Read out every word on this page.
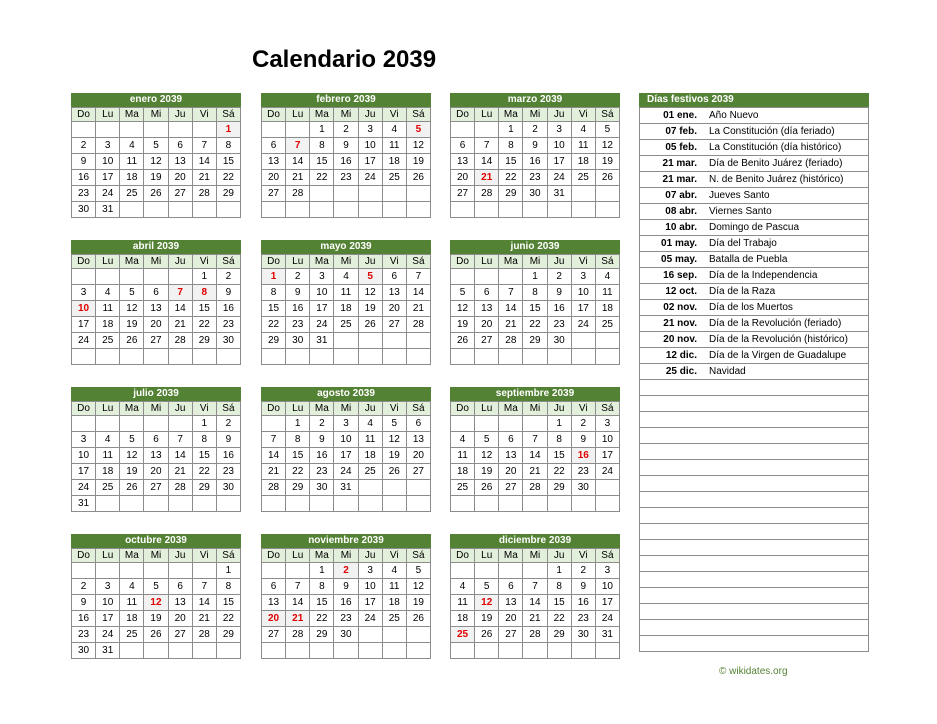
Calendario 2039
enero 2039
Do	Lu	Ma	Mi	Ju	Vi	Sá
						1
2	3	4	5	6	7	8
9	10	11	12	13	14	15
16	17	18	19	20	21	22
23	24	25	26	27	28	29
30	31					
febrero 2039
Do	Lu	Ma	Mi	Ju	Vi	Sá
		1	2	3	4	5
6	7	8	9	10	11	12
13	14	15	16	17	18	19
20	21	22	23	24	25	26
27	28					

marzo 2039
Do	Lu	Ma	Mi	Ju	Vi	Sá
		1	2	3	4	5
6	7	8	9	10	11	12
13	14	15	16	17	18	19
20	21	22	23	24	25	26
27	28	29	30	31		

abril 2039
Do	Lu	Ma	Mi	Ju	Vi	Sá
					1	2
3	4	5	6	7	8	9
10	11	12	13	14	15	16
17	18	19	20	21	22	23
24	25	26	27	28	29	30

mayo 2039
Do	Lu	Ma	Mi	Ju	Vi	Sá
1	2	3	4	5	6	7
8	9	10	11	12	13	14
15	16	17	18	19	20	21
22	23	24	25	26	27	28
29	30	31				

junio 2039
Do	Lu	Ma	Mi	Ju	Vi	Sá
			1	2	3	4
5	6	7	8	9	10	11
12	13	14	15	16	17	18
19	20	21	22	23	24	25
26	27	28	29	30		

julio 2039
Do	Lu	Ma	Mi	Ju	Vi	Sá
					1	2
3	4	5	6	7	8	9
10	11	12	13	14	15	16
17	18	19	20	21	22	23
24	25	26	27	28	29	30
31						
agosto 2039
Do	Lu	Ma	Mi	Ju	Vi	Sá
	1	2	3	4	5	6
7	8	9	10	11	12	13
14	15	16	17	18	19	20
21	22	23	24	25	26	27
28	29	30	31			

septiembre 2039
Do	Lu	Ma	Mi	Ju	Vi	Sá
				1	2	3
4	5	6	7	8	9	10
11	12	13	14	15	16	17
18	19	20	21	22	23	24
25	26	27	28	29	30	

octubre 2039
Do	Lu	Ma	Mi	Ju	Vi	Sá
						1
2	3	4	5	6	7	8
9	10	11	12	13	14	15
16	17	18	19	20	21	22
23	24	25	26	27	28	29
30	31					
noviembre 2039
Do	Lu	Ma	Mi	Ju	Vi	Sá
		1	2	3	4	5
6	7	8	9	10	11	12
13	14	15	16	17	18	19
20	21	22	23	24	25	26
27	28	29	30			

diciembre 2039
Do	Lu	Ma	Mi	Ju	Vi	Sá
				1	2	3
4	5	6	7	8	9	10
11	12	13	14	15	16	17
18	19	20	21	22	23	24
25	26	27	28	29	30	31

Días festivos 2039
01 ene.	Año Nuevo
07 feb.	La Constitución (día feriado)
05 feb.	La Constitución (día histórico)
21 mar.	Día de Benito Juárez (feriado)
21 mar.	N. de Benito Juárez (histórico)
07 abr.	Jueves Santo
08 abr.	Viernes Santo
10 abr.	Domingo de Pascua
01 may.	Día del Trabajo
05 may.	Batalla de Puebla
16 sep.	Día de la Independencia
12 oct.	Día de la Raza
02 nov.	Día de los Muertos
21 nov.	Día de la Revolución (feriado)
20 nov.	Día de la Revolución (histórico)
12 dic.	Día de la Virgen de Guadalupe
25 dic.	Navidad

© wikidates.org
